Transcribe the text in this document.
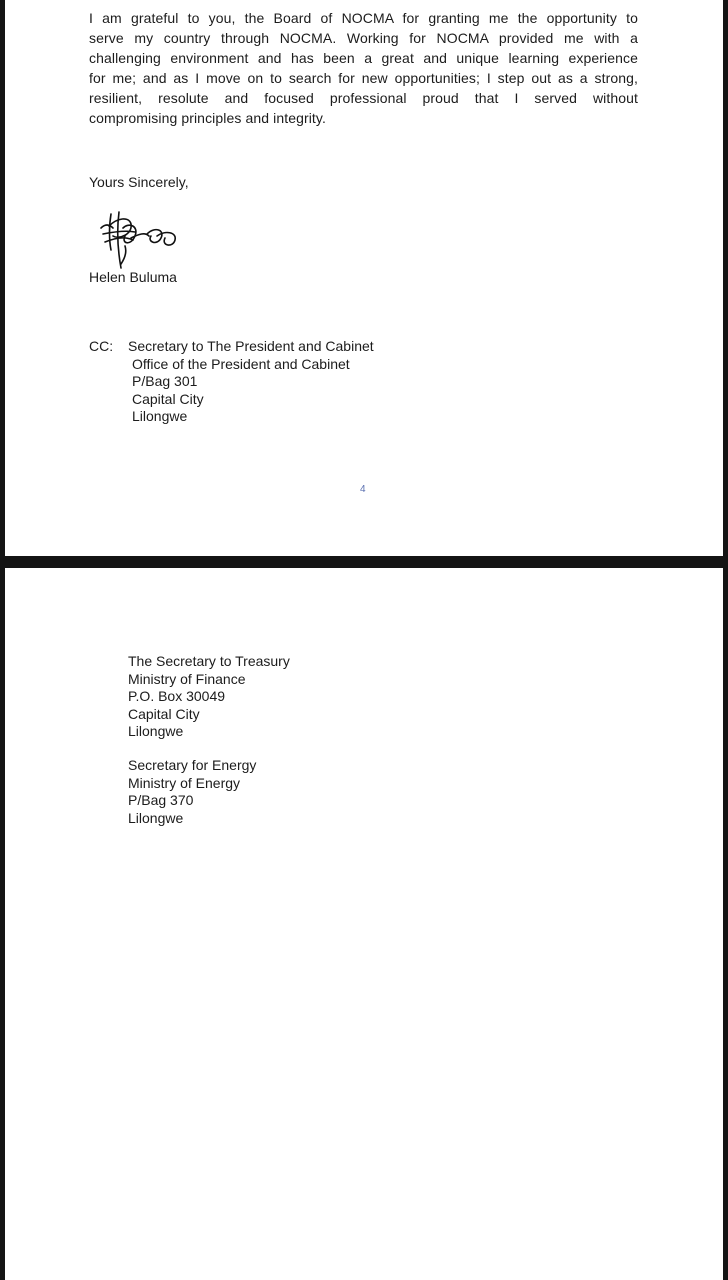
I am grateful to you, the Board of NOCMA for granting me the opportunity to
serve my country through NOCMA. Working for NOCMA provided me with a
challenging environment and has been a great and unique learning experience
for me; and as I move on to search for new opportunities; I step out as a strong,
resilient, resolute and focused professional proud that I served without
compromising principles and integrity.

Yours Sincerely,
Helen Buluma
CC: Secretary to The President and Cabinet
Office of the President and Cabinet
P/Bag 301
Capital City
Lilongwe
4
The Secretary to Treasury
Ministry of Finance
P.O. Box 30049
Capital City
Lilongwe
Secretary for Energy
Ministry of Energy
P/Bag 370
Lilongwe
